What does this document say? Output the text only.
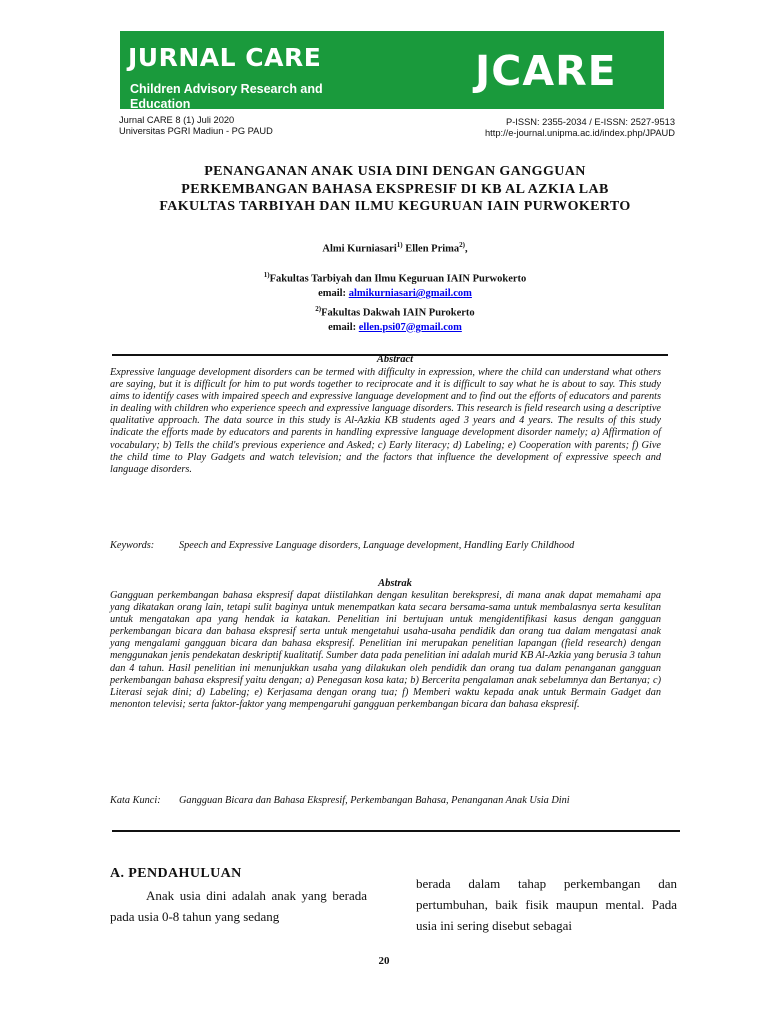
JURNAL CARE
Children Advisory Research and Education
JCARE
Jurnal CARE 8 (1) Juli 2020
Universitas PGRI Madiun - PG PAUD
P-ISSN: 2355-2034 / E-ISSN: 2527-9513
http://e-journal.unipma.ac.id/index.php/JPAUD
PENANGANAN ANAK USIA DINI DENGAN GANGGUAN
PERKEMBANGAN BAHASA EKSPRESIF DI KB AL AZKIA LAB
FAKULTAS TARBIYAH DAN ILMU KEGURUAN IAIN PURWOKERTO
Almi Kurniasari$^{1)}$ Ellen Prima$^{2)}$,
$^{1)}$Fakultas Tarbiyah dan Ilmu Keguruan IAIN Purwokerto
email: almikurniasari@gmail.com
$^{2)}$Fakultas Dakwah IAIN Purokerto
email: ellen.psi07@gmail.com
Abstract
Expressive language development disorders can be termed with difficulty in expression, where the child can understand what others are saying, but it is difficult for him to put words together to reciprocate and it is difficult to say what he is about to say. This study aims to identify cases with impaired speech and expressive language development and to find out the efforts of educators and parents in dealing with children who experience speech and expressive language disorders. This research is field research using a descriptive qualitative approach. The data source in this study is Al-Azkia KB students aged 3 years and 4 years. The results of this study indicate the efforts made by educators and parents in handling expressive language development disorder namely; a) Affirmation of vocabulary; b) Tells the child's previous experience and Asked; c) Early literacy; d) Labeling; e) Cooperation with parents; f) Give the child time to Play Gadgets and watch television; and the factors that influence the development of expressive speech and language disorders.
Keywords:	Speech and Expressive Language disorders, Language development, Handling Early Childhood
Abstrak
Gangguan perkembangan bahasa ekspresif dapat diistilahkan dengan kesulitan berekspresi, di mana anak dapat memahami apa yang dikatakan orang lain, tetapi sulit baginya untuk menempatkan kata secara bersama-sama untuk membalasnya serta kesulitan untuk mengatakan apa yang hendak ia katakan. Penelitian ini bertujuan untuk mengidentifikasi kasus dengan gangguan perkembangan bicara dan bahasa ekspresif serta untuk mengetahui usaha-usaha pendidik dan orang tua dalam mengatasi anak yang mengalami gangguan bicara dan bahasa ekspresif. Penelitian ini merupakan penelitian lapangan (field research) dengan menggunakan jenis pendekatan deskriptif kualitatif. Sumber data pada penelitian ini adalah murid KB Al-Azkia yang berusia 3 tahun dan 4 tahun. Hasil penelitian ini menunjukkan usaha yang dilakukan oleh pendidik dan orang tua dalam penanganan gangguan perkembangan bahasa ekspresif yaitu dengan; a) Penegasan kosa kata; b) Bercerita pengalaman anak sebelumnya dan Bertanya; c) Literasi sejak dini; d) Labeling; e) Kerjasama dengan orang tua; f) Memberi waktu kepada anak untuk Bermain Gadget dan menonton televisi; serta faktor-faktor yang mempengaruhi gangguan perkembangan bicara dan bahasa ekspresif.
Kata Kunci:	Gangguan Bicara dan Bahasa Ekspresif, Perkembangan Bahasa, Penanganan Anak Usia Dini
A. PENDAHULUAN
Anak usia dini adalah anak yang berada pada usia 0-8 tahun yang sedang
berada dalam tahap perkembangan dan pertumbuhan, baik fisik maupun mental. Pada usia ini sering disebut sebagai
20
